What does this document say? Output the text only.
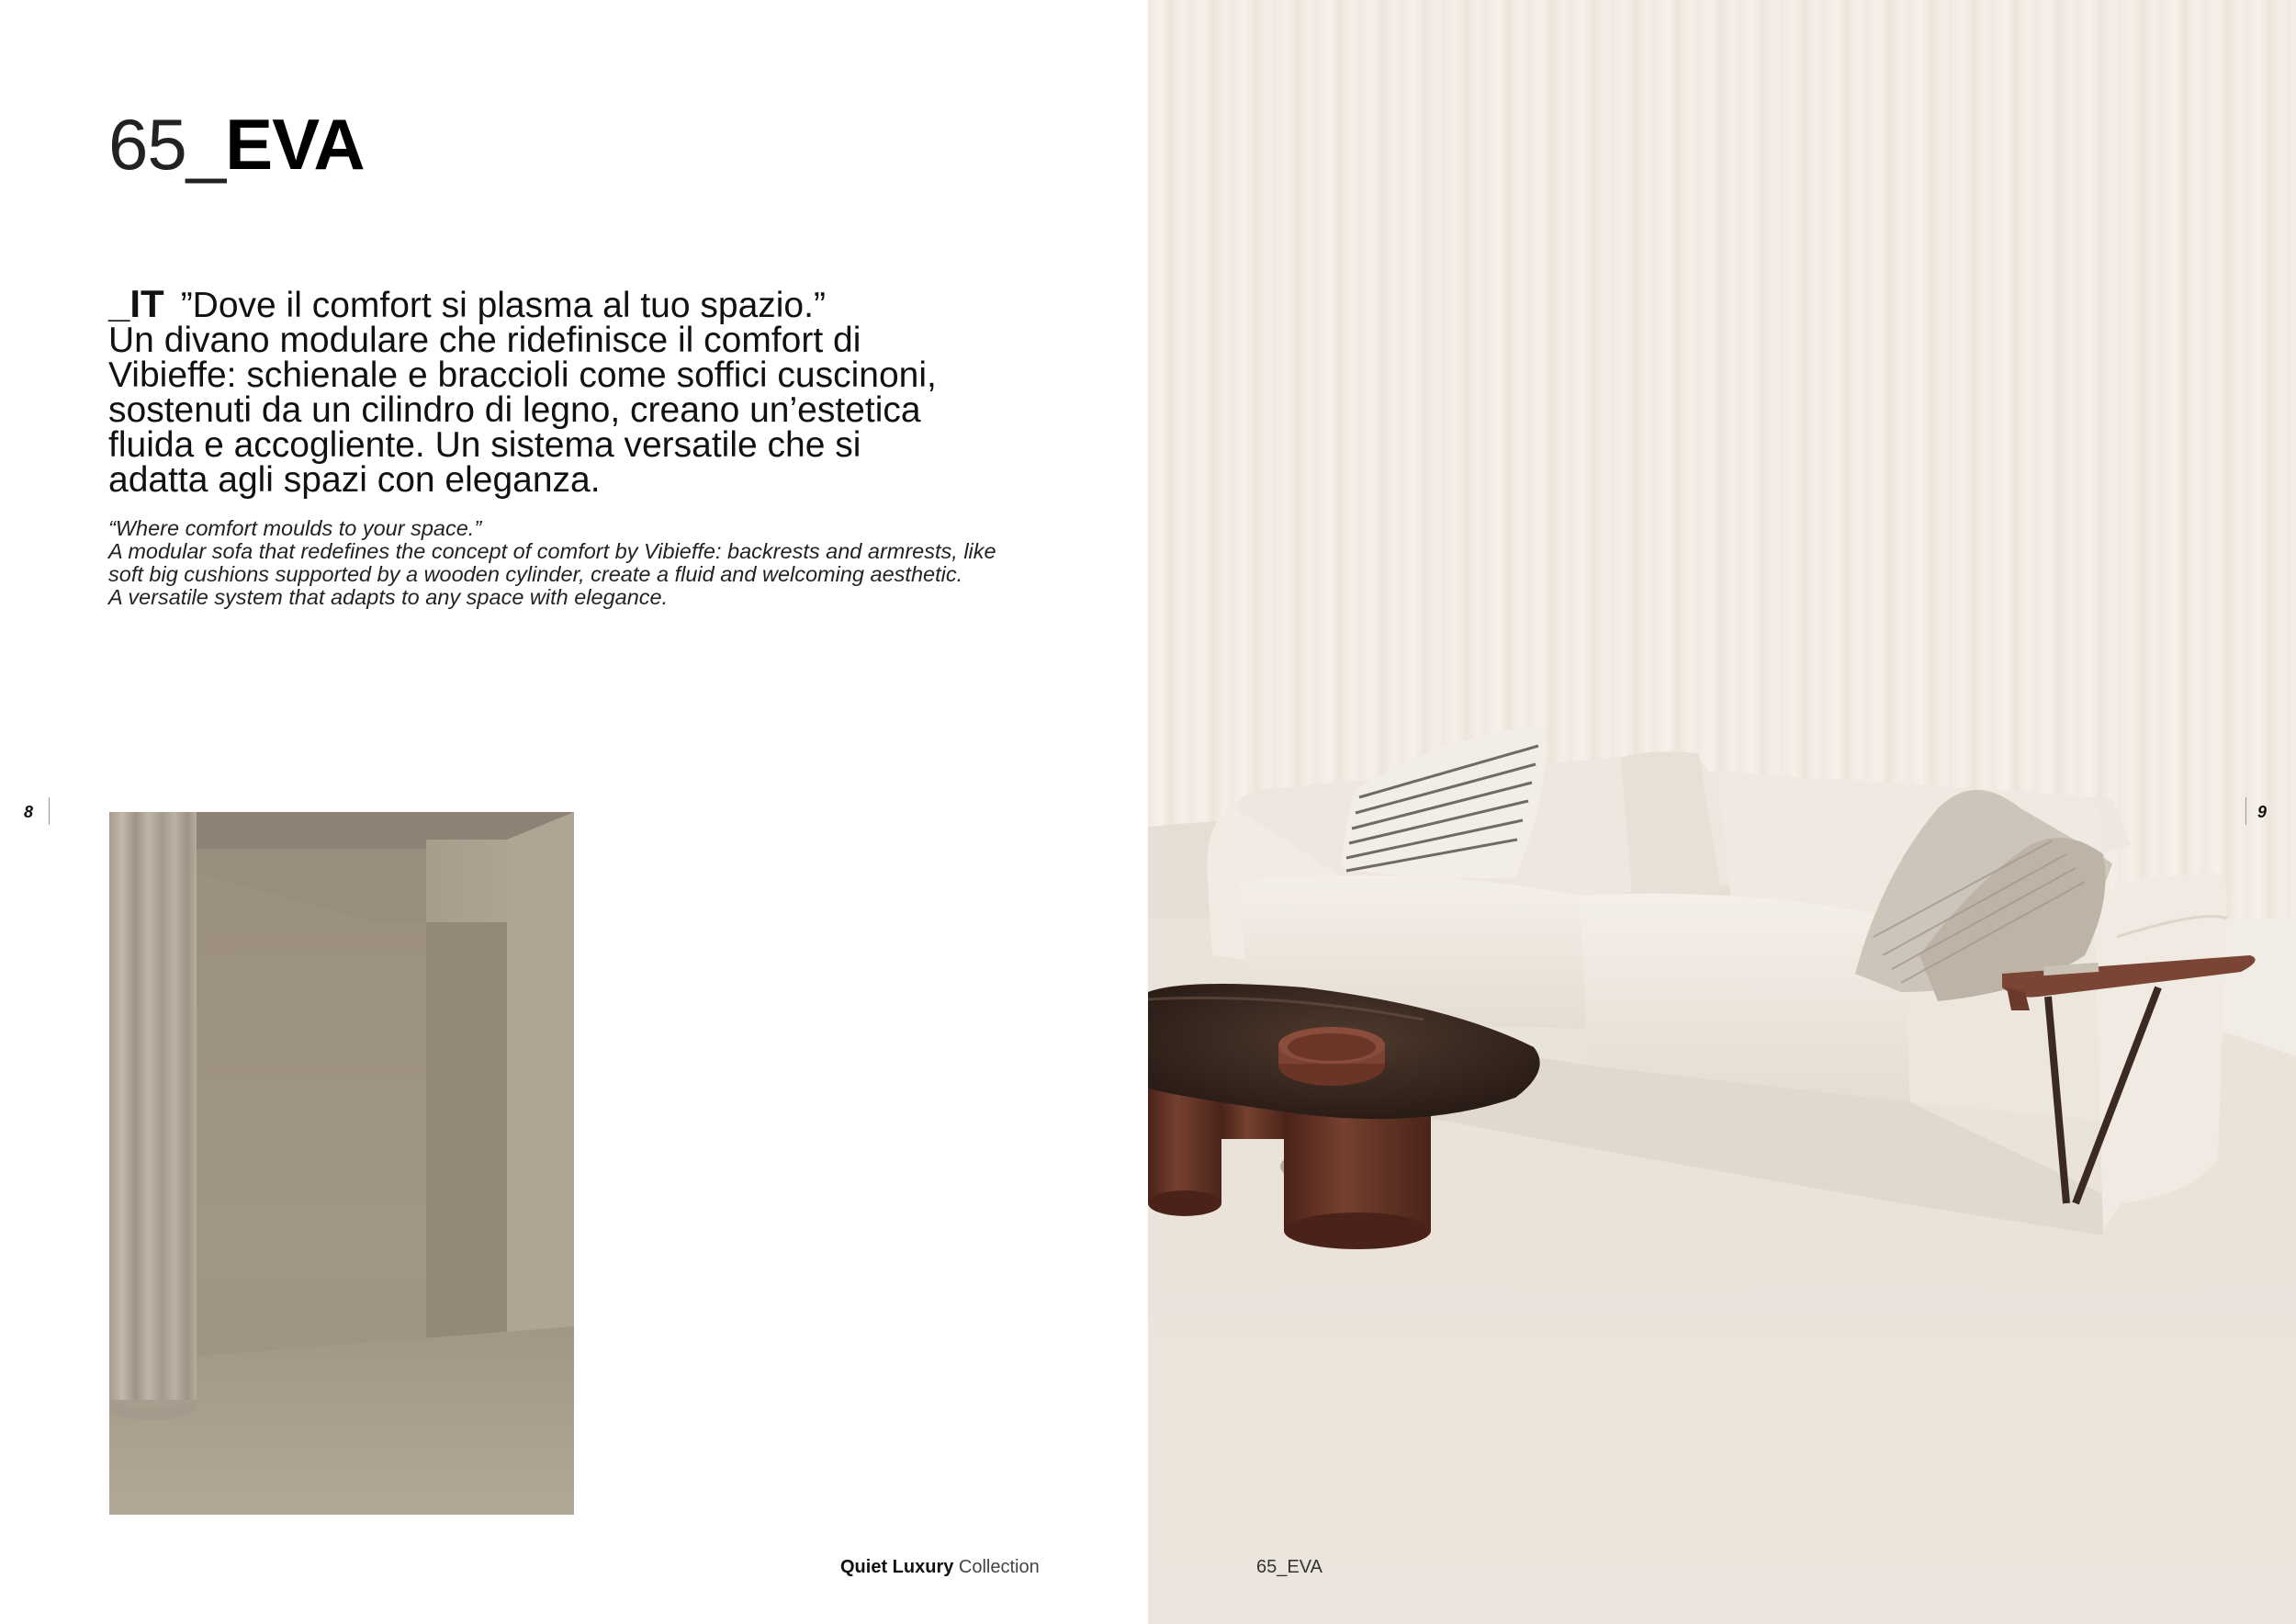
65_EVA

_IT ”Dove il comfort si plasma al tuo spazio.”

Un divano modulare che ridefinisce il comfort di

Vibieffe: schienale e braccioli come soffici cuscinoni,

sostenuti da un cilindro di legno, creano un’estetica

fluida e accogliente. Un sistema versatile che si

adatta agli spazi con eleganza.

“Where comfort moulds to your space.”

A modular sofa that redefines the concept of comfort by Vibieffe: backrests and armrests, like

soft big cushions supported by a wooden cylinder, create a fluid and welcoming aesthetic.

A versatile system that adapts to any space with elegance.

8
Quiet Luxury Collection
9
65_EVA
